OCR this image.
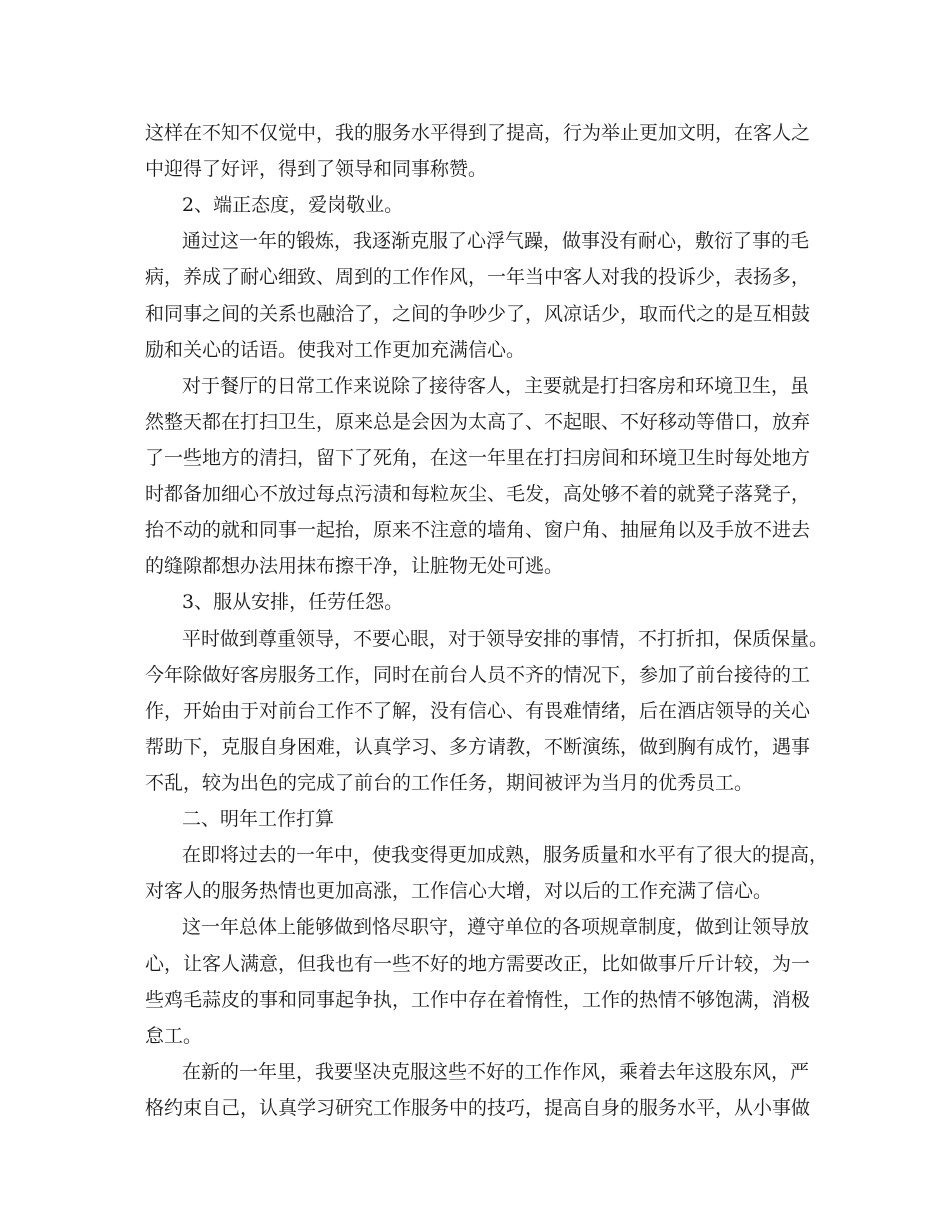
这样在不知不仅觉中，我的服务水平得到了提高，行为举止更加文明，在客人之

中迎得了好评，得到了领导和同事称赞。

2、端正态度，爱岗敬业。

通过这一年的锻炼，我逐渐克服了心浮气躁，做事没有耐心，敷衍了事的毛

病，养成了耐心细致、周到的工作作风，一年当中客人对我的投诉少，表扬多，

和同事之间的关系也融洽了，之间的争吵少了，风凉话少，取而代之的是互相鼓

励和关心的话语。使我对工作更加充满信心。

对于餐厅的日常工作来说除了接待客人，主要就是打扫客房和环境卫生，虽

然整天都在打扫卫生，原来总是会因为太高了、不起眼、不好移动等借口，放弃

了一些地方的清扫，留下了死角，在这一年里在打扫房间和环境卫生时每处地方

时都备加细心不放过每点污渍和每粒灰尘、毛发，高处够不着的就凳子落凳子，

抬不动的就和同事一起抬，原来不注意的墙角、窗户角、抽屉角以及手放不进去

的缝隙都想办法用抹布擦干净，让脏物无处可逃。

3、服从安排，任劳任怨。

平时做到尊重领导，不要心眼，对于领导安排的事情，不打折扣，保质保量。

今年除做好客房服务工作，同时在前台人员不齐的情况下，参加了前台接待的工

作，开始由于对前台工作不了解，没有信心、有畏难情绪，后在酒店领导的关心

帮助下，克服自身困难，认真学习、多方请教，不断演练，做到胸有成竹，遇事

不乱，较为出色的完成了前台的工作任务，期间被评为当月的优秀员工。

二、明年工作打算

在即将过去的一年中，使我变得更加成熟，服务质量和水平有了很大的提高，

对客人的服务热情也更加高涨，工作信心大增，对以后的工作充满了信心。

这一年总体上能够做到恪尽职守，遵守单位的各项规章制度，做到让领导放

心，让客人满意，但我也有一些不好的地方需要改正，比如做事斤斤计较，为一

些鸡毛蒜皮的事和同事起争执，工作中存在着惰性，工作的热情不够饱满，消极

怠工。

在新的一年里，我要坚决克服这些不好的工作作风，乘着去年这股东风，严

格约束自己，认真学习研究工作服务中的技巧，提高自身的服务水平，从小事做
